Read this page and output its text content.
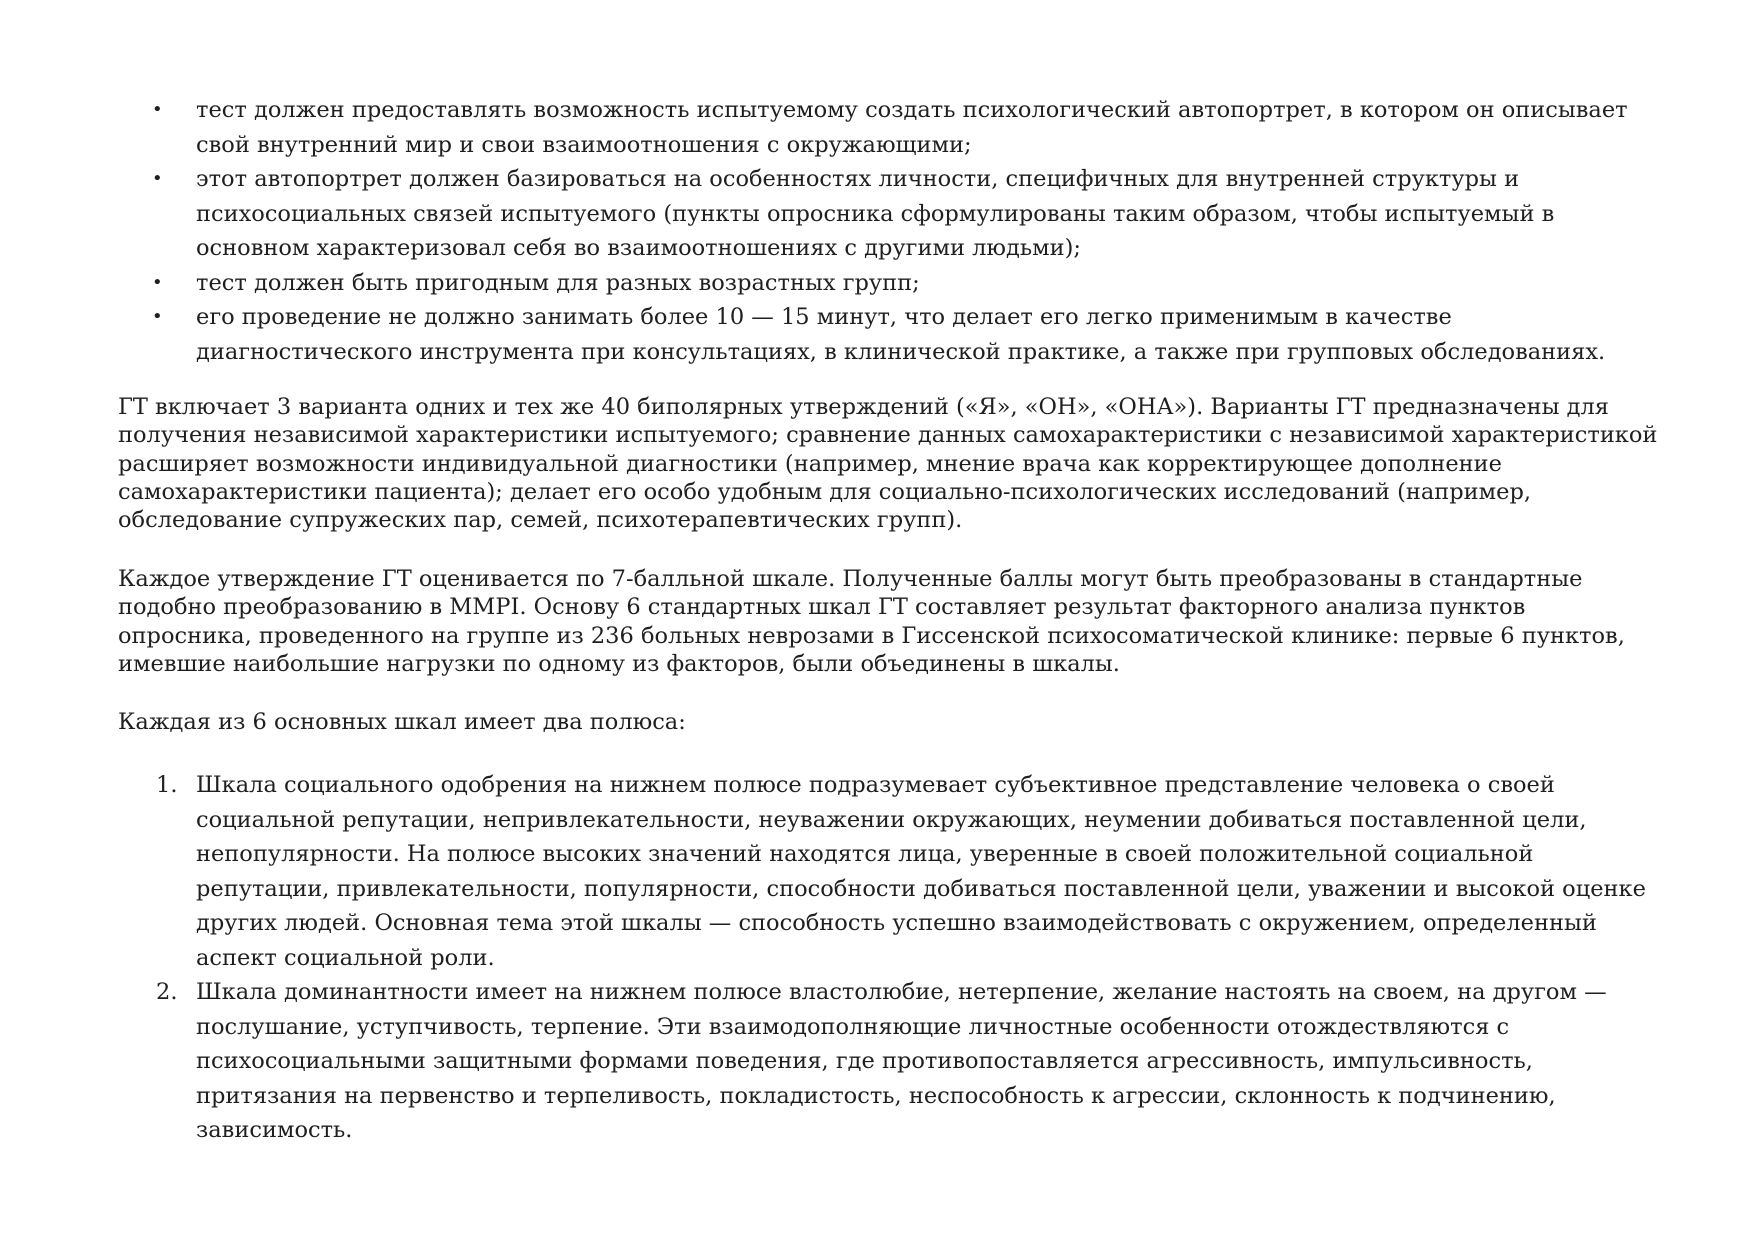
• тест должен предоставлять возможность испытуемому создать психологический автопортрет, в котором он описывает свой внутренний мир и свои взаимоотношения с окружающими;
• этот автопортрет должен базироваться на особенностях личности, специфичных для внутренней структуры и психосоциальных связей испытуемого (пункты опросника сформулированы таким образом, чтобы испытуемый в основном характеризовал себя во взаимоотношениях с другими людьми);
• тест должен быть пригодным для разных возрастных групп;
• его проведение не должно занимать более 10 — 15 минут, что делает его легко применимым в качестве диагностического инструмента при консультациях, в клинической практике, а также при групповых обследованиях.

ГТ включает 3 варианта одних и тех же 40 биполярных утверждений («Я», «ОН», «ОНА»). Варианты ГТ предназначены для получения независимой характеристики испытуемого; сравнение данных самохарактеристики с независимой характеристикой расширяет возможности индивидуальной диагностики (например, мнение врача как корректирующее дополнение самохарактеристики пациента); делает его особо удобным для социально-психологических исследований (например, обследование супружеских пар, семей, психотерапевтических групп).

Каждое утверждение ГТ оценивается по 7-балльной шкале. Полученные баллы могут быть преобразованы в стандартные подобно преобразованию в MMPI. Основу 6 стандартных шкал ГТ составляет результат факторного анализа пунктов опросника, проведенного на группе из 236 больных неврозами в Гиссенской психосоматической клинике: первые 6 пунктов, имевшие наибольшие нагрузки по одному из факторов, были объединены в шкалы.

Каждая из 6 основных шкал имеет два полюса:

1. Шкала социального одобрения на нижнем полюсе подразумевает субъективное представление человека о своей социальной репутации, непривлекательности, неуважении окружающих, неумении добиваться поставленной цели, непопулярности. На полюсе высоких значений находятся лица, уверенные в своей положительной социальной репутации, привлекательности, популярности, способности добиваться поставленной цели, уважении и высокой оценке других людей. Основная тема этой шкалы — способность успешно взаимодействовать с окружением, определенный аспект социальной роли.
2. Шкала доминантности имеет на нижнем полюсе властолюбие, нетерпение, желание настоять на своем, на другом — послушание, уступчивость, терпение. Эти взаимодополняющие личностные особенности отождествляются с психосоциальными защитными формами поведения, где противопоставляется агрессивность, импульсивность, притязания на первенство и терпеливость, покладистость, неспособность к агрессии, склонность к подчинению, зависимость.
